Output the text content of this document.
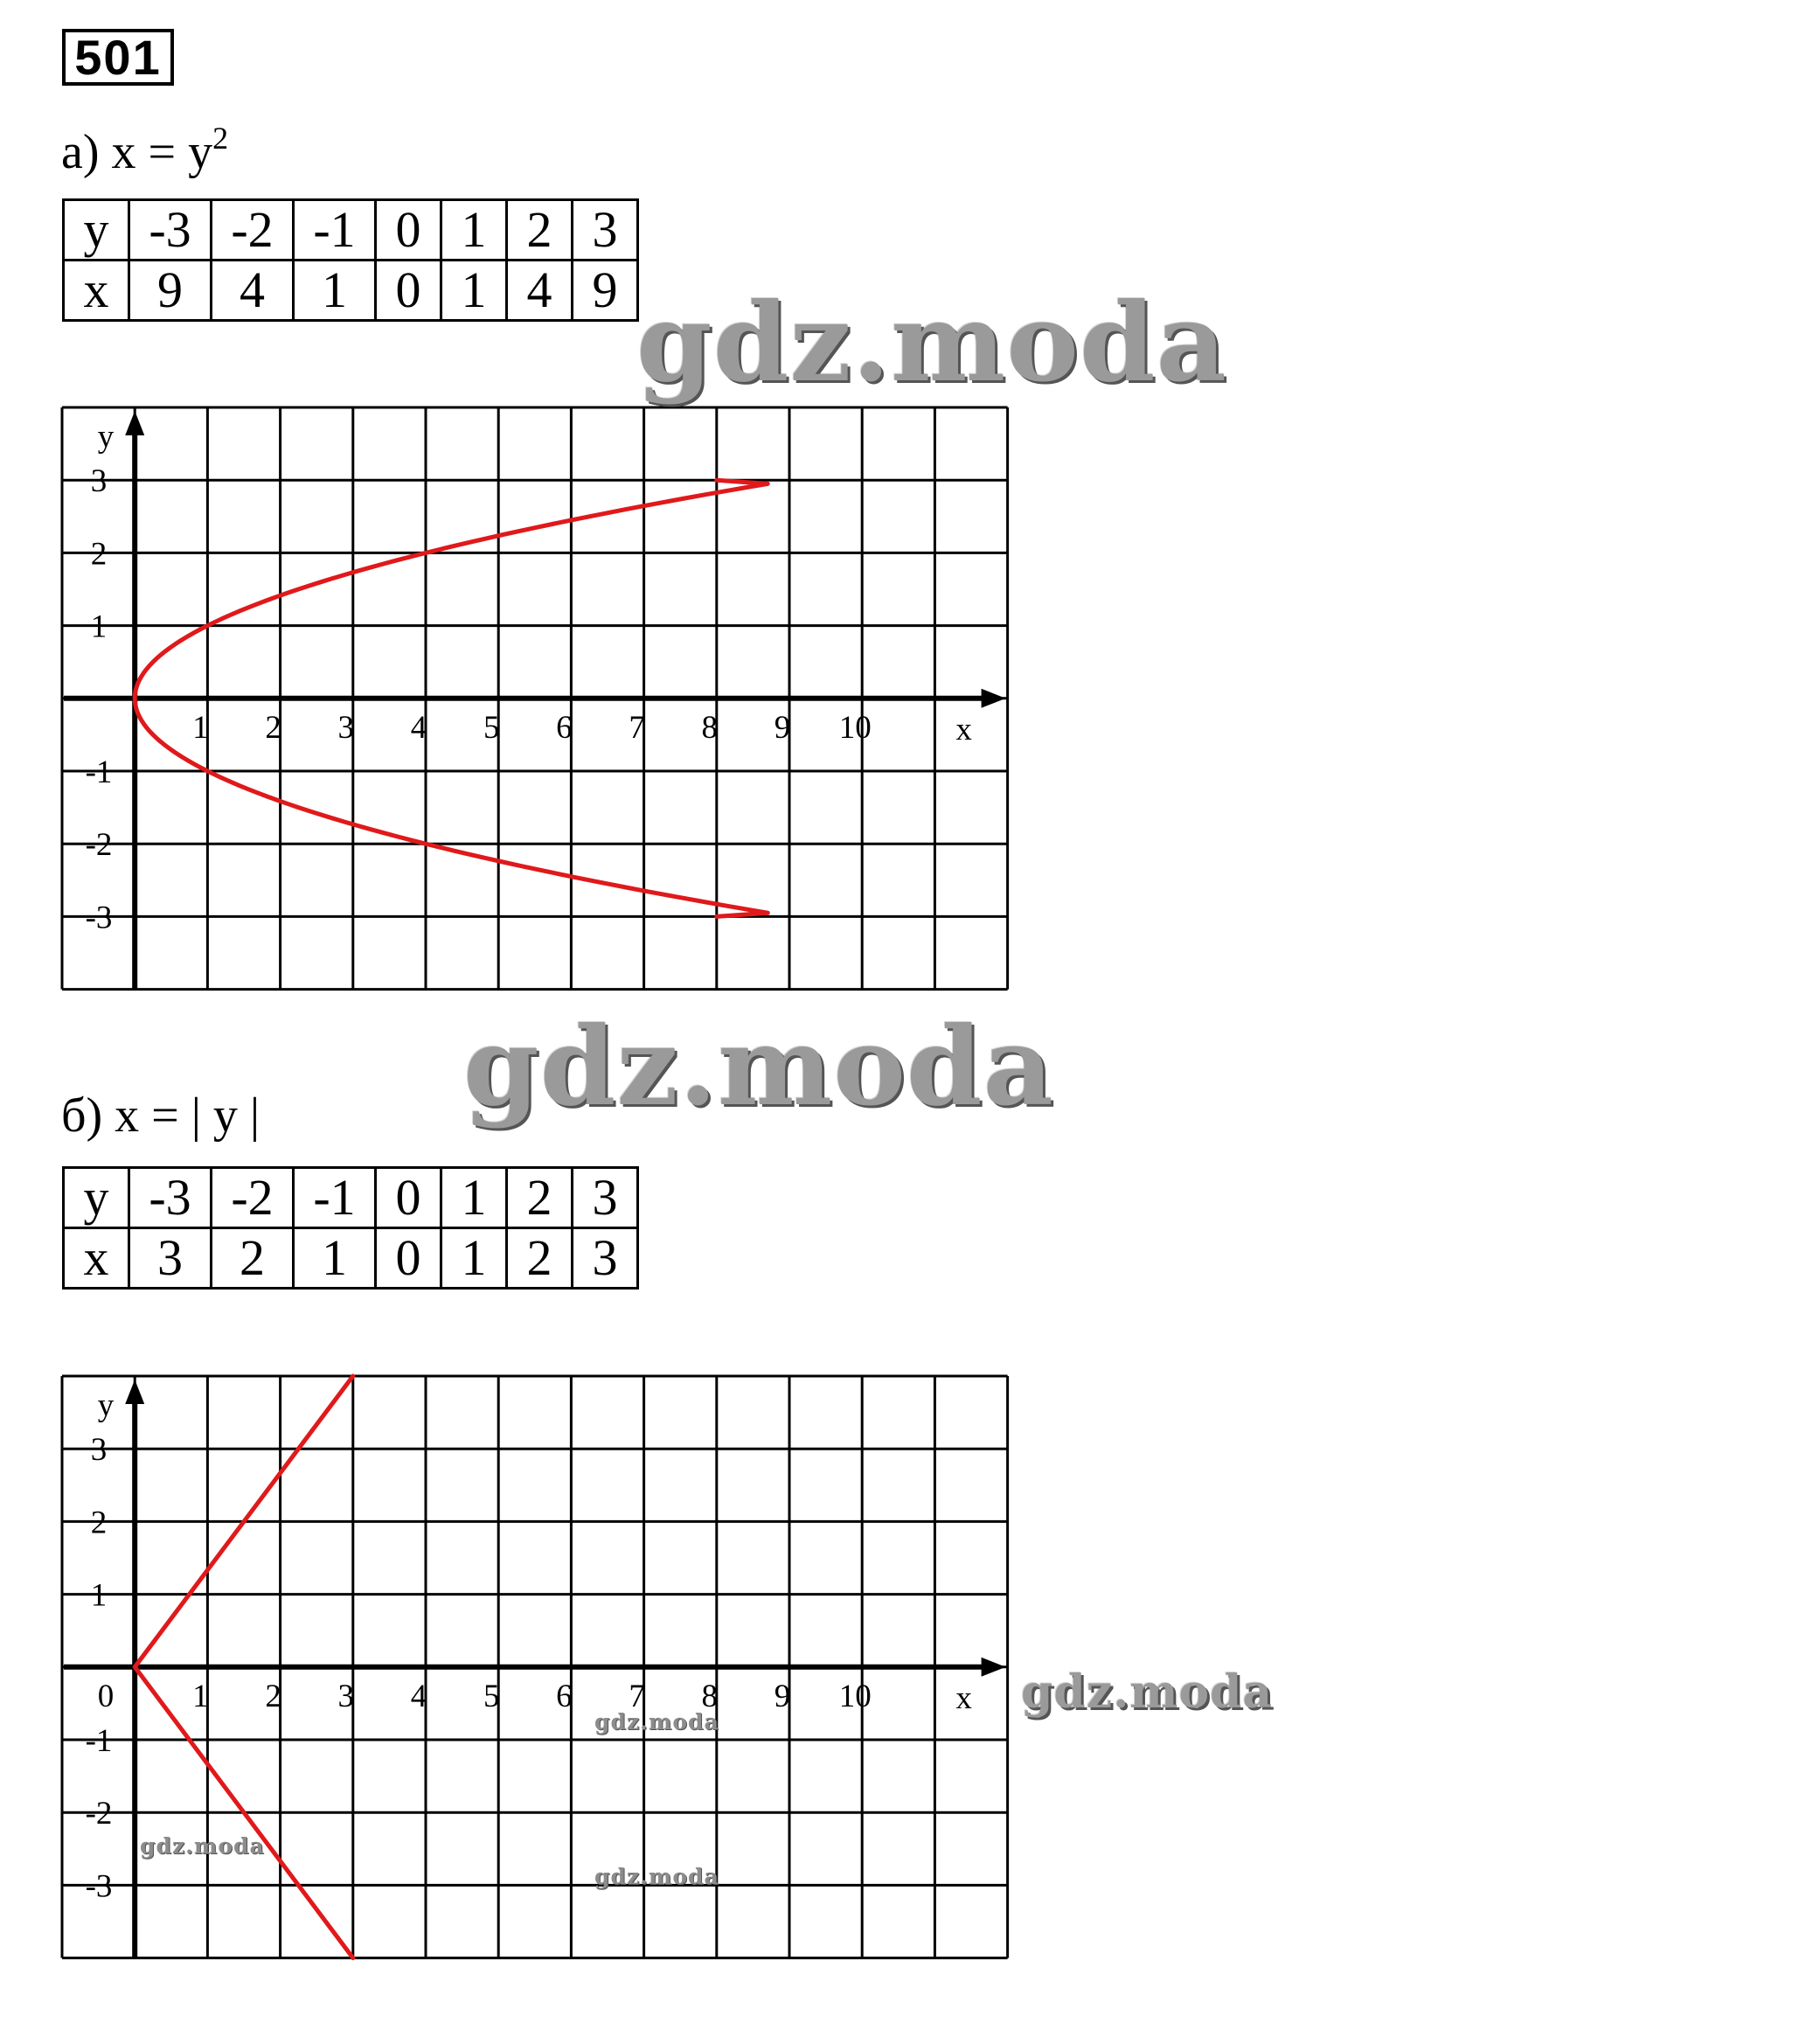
501
а) $x = y^2$
y	-3	-2	-1	0	1	2	3
x	9	4	1	0	1	4	9
б) x = | y |
y	-3	-2	-1	0	1	2	3
x	3	2	1	0	1	2	3
1 2 3 4 5 6 7 8 9 10
3
2
1
-1
-2
-3
x
y
1 2 3 4 5 6 7 8 9 10
3
2
1
-1
-2
-3
0	x
y
gdz.moda
gdz.moda
gdz.moda
gdz.moda
gdz.moda
gdz.moda
